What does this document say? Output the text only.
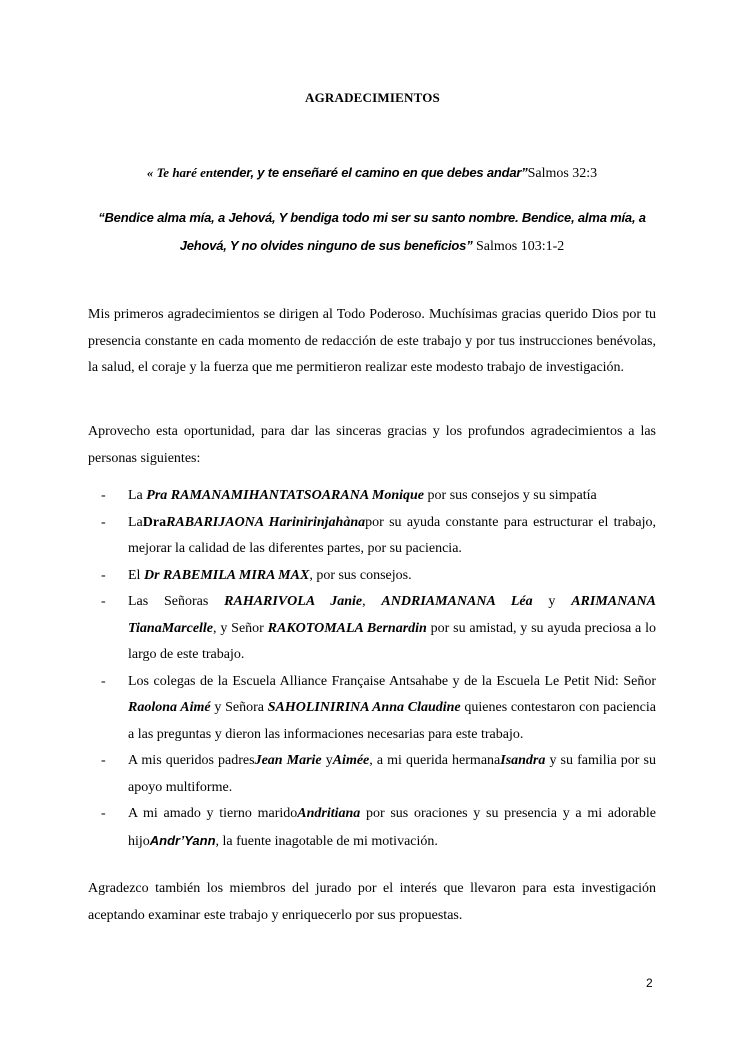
AGRADECIMIENTOS
« Te haré entender, y te enseñaré el camino en que debes andar”Salmos 32:3
“Bendice alma mía, a Jehová, Y bendiga todo mi ser su santo nombre. Bendice, alma mía, a Jehová, Y no olvides ninguno de sus beneficios” Salmos 103:1-2

Mis primeros agradecimientos se dirigen al Todo Poderoso. Muchísimas gracias querido Dios por tu presencia constante en cada momento de redacción de este trabajo y por tus instrucciones benévolas, la salud, el coraje y la fuerza que me permitieron realizar este modesto trabajo de investigación.

Aprovecho esta oportunidad, para dar las sinceras gracias y los profundos agradecimientos a las personas siguientes:

- La Pra RAMANAMIHANTATSOARANA Monique por sus consejos y su simpatía
- LaDraRABARIJAONA Harinirinjahànapor su ayuda constante para estructurar el trabajo, mejorar la calidad de las diferentes partes, por su paciencia.
- El Dr RABEMILA MIRA MAX, por sus consejos.
- Las Señoras RAHARIVOLA Janie, ANDRIAMANANA Léa y ARIMANANA TianaMarcelle, y Señor RAKOTOMALA Bernardin por su amistad, y su ayuda preciosa a lo largo de este trabajo.
- Los colegas de la Escuela Alliance Française Antsahabe y de la Escuela Le Petit Nid: Señor Raolona Aimé y Señora SAHOLINIRINA Anna Claudine quienes contestaron con paciencia a las preguntas y dieron las informaciones necesarias para este trabajo.
- A mis queridos padresJean Marie yAimée, a mi querida hermanaIsandra y su familia por su apoyo multiforme.
- A mi amado y tierno maridoAndritiana por sus oraciones y su presencia y a mi adorable hijoAndr’Yann, la fuente inagotable de mi motivación.

Agradezco también los miembros del jurado por el interés que llevaron para esta investigación aceptando examinar este trabajo y enriquecerlo por sus propuestas.

2
